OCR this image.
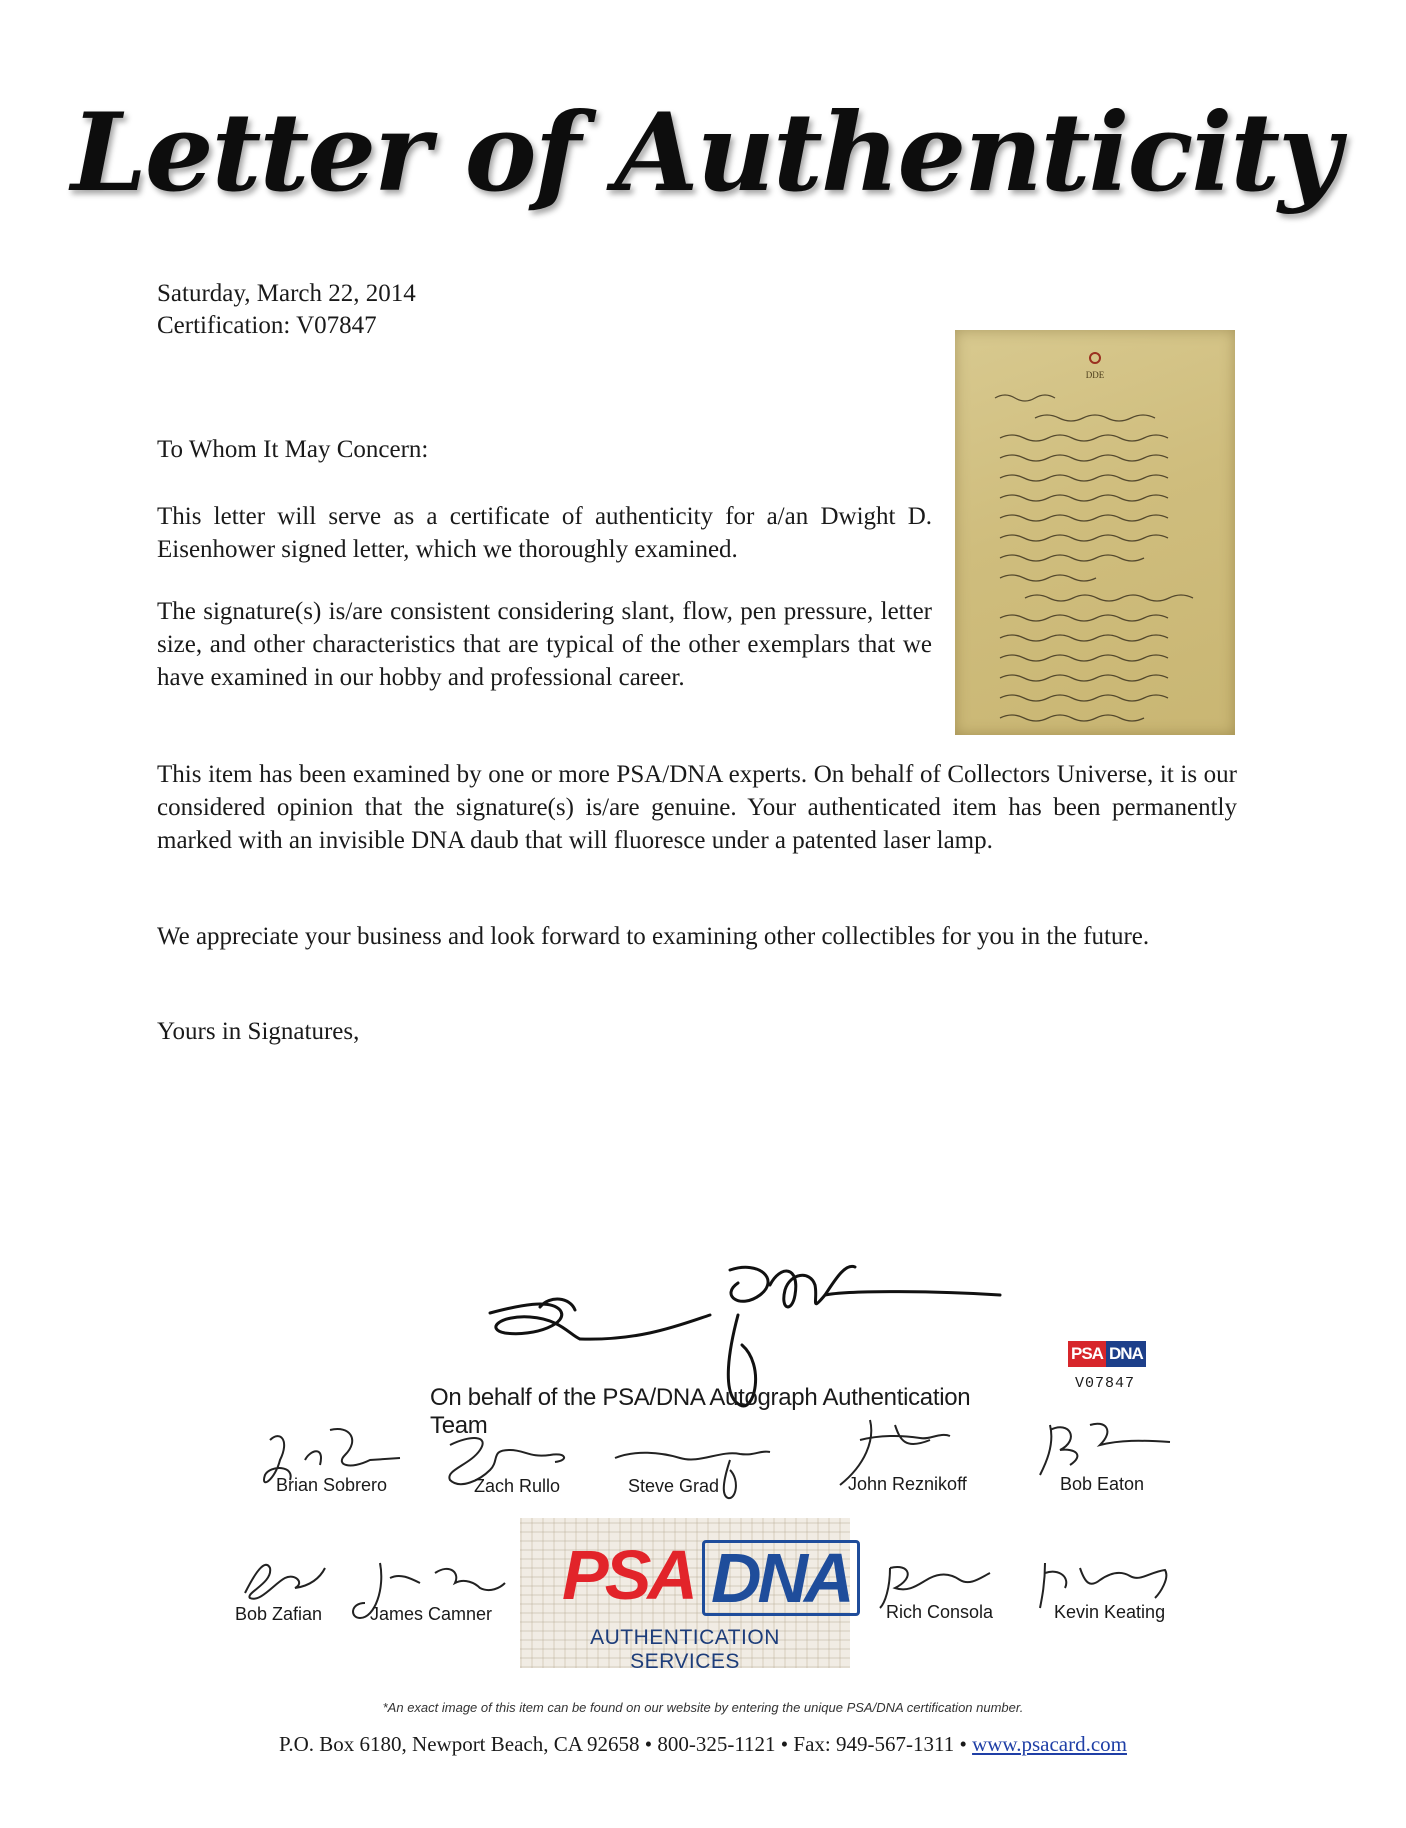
Letter of Authenticity
Saturday, March 22, 2014
Certification: V07847
DDE
To Whom It May Concern:
This letter will serve as a certificate of authenticity for a/an Dwight D. Eisenhower signed letter, which we thoroughly examined.
The signature(s) is/are consistent considering slant, flow, pen pressure, letter size, and other characteristics that are typical of the other exemplars that we have examined in our hobby and professional career.
This item has been examined by one or more PSA/DNA experts. On behalf of Collectors Universe, it is our considered opinion that the signature(s) is/are genuine. Your authenticated item has been permanently marked with an invisible DNA daub that will fluoresce under a patented laser lamp.
We appreciate your business and look forward to examining other collectibles for you in the future.
Yours in Signatures,
On behalf of the PSA/DNA Autograph Authentication Team
PSA DNA
V07847
Brian Sobrero	Zach Rullo	Steve Grad	John Reznikoff	Bob Eaton
Bob Zafian	James Camner	Rich Consola	Kevin Keating
PSA DNA
AUTHENTICATION SERVICES
*An exact image of this item can be found on our website by entering the unique PSA/DNA certification number.
P.O. Box 6180, Newport Beach, CA 92658 • 800-325-1121 • Fax: 949-567-1311 • www.psacard.com
